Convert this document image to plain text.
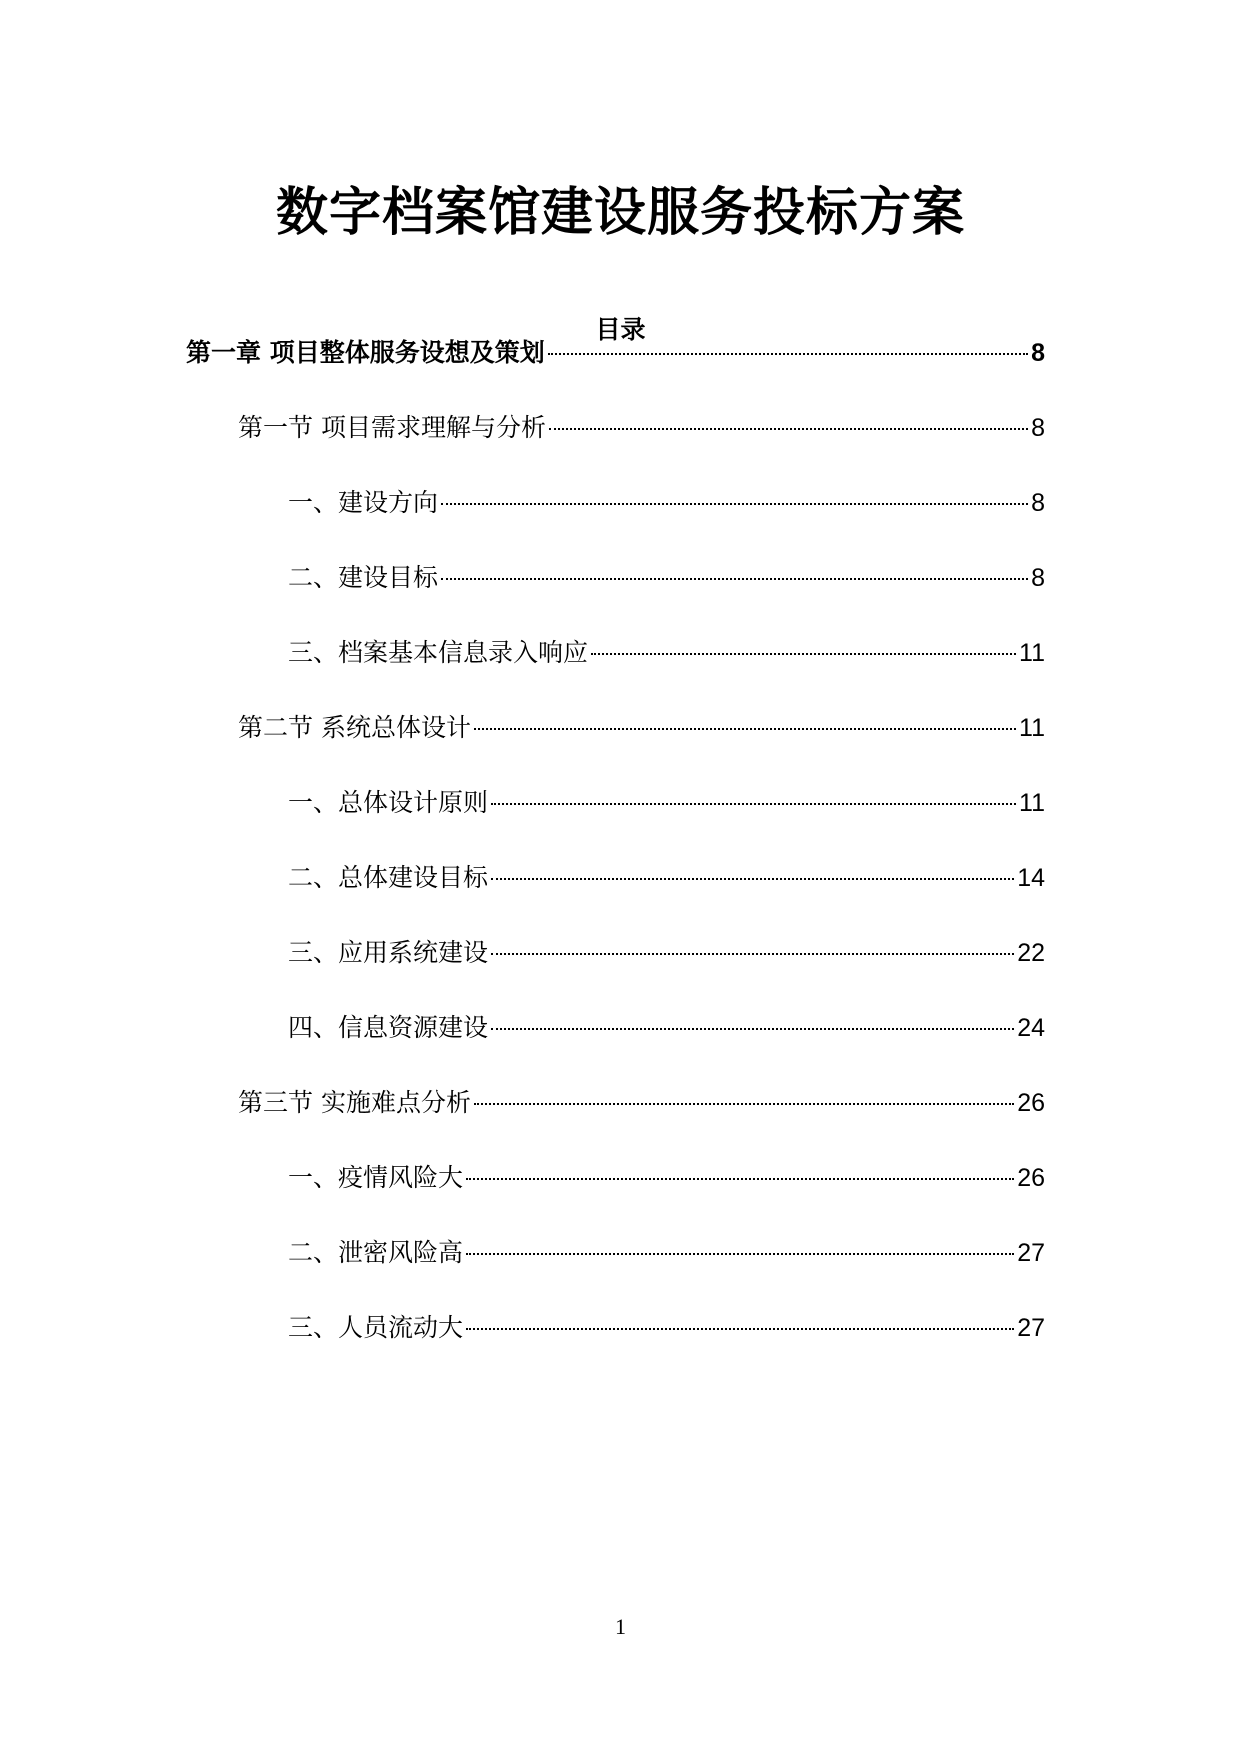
数字档案馆建设服务投标方案
目录
第一章 项目整体服务设想及策划	8
第一节 项目需求理解与分析	8
一、建设方向	8
二、建设目标	8
三、档案基本信息录入响应	11
第二节 系统总体设计	11
一、总体设计原则	11
二、总体建设目标	14
三、应用系统建设	22
四、信息资源建设	24
第三节 实施难点分析	26
一、疫情风险大	26
二、泄密风险高	27
三、人员流动大	27
1
